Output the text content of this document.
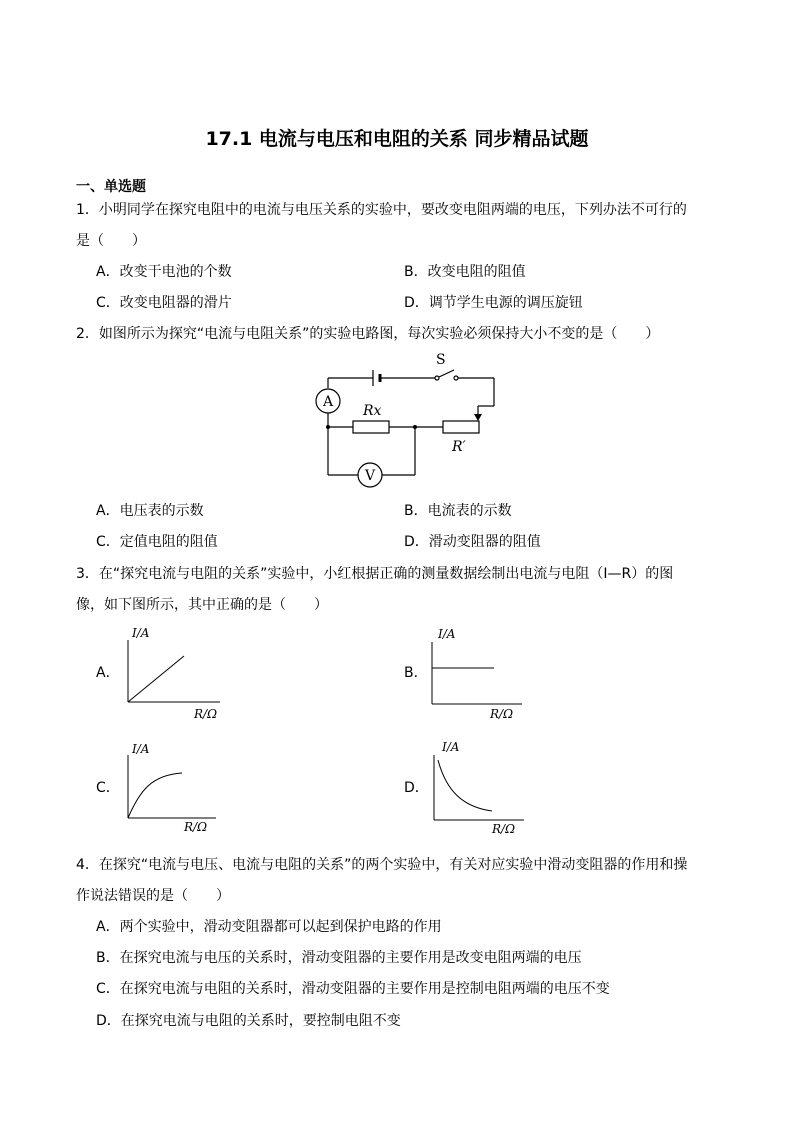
17.1 电流与电压和电阻的关系 同步精品试题
一、单选题
1．小明同学在探究电阻中的电流与电压关系的实验中，要改变电阻两端的电压，下列办法不可行的
是（　　）
A．改变干电池的个数	B．改变电阻的阻值
C．改变电阻器的滑片	D．调节学生电源的调压旋钮
2．如图所示为探究“电流与电阻关系”的实验电路图，每次实验必须保持大小不变的是（　　）
S
A
V
Rx
R′
A．电压表的示数	B．电流表的示数
C．定值电阻的阻值	D．滑动变阻器的阻值
3．在“探究电流与电阻的关系”实验中，小红根据正确的测量数据绘制出电流与电阻（I—R）的图
像，如下图所示，其中正确的是（　　）
A．
I/A
R/Ω
B．
I/A
R/Ω
C．
I/A
R/Ω
D．
I/A
R/Ω
4．在探究“电流与电压、电流与电阻的关系”的两个实验中，有关对应实验中滑动变阻器的作用和操
作说法错误的是（　　）
A．两个实验中，滑动变阻器都可以起到保护电路的作用
B．在探究电流与电压的关系时，滑动变阻器的主要作用是改变电阻两端的电压
C．在探究电流与电阻的关系时，滑动变阻器的主要作用是控制电阻两端的电压不变
D．在探究电流与电阻的关系时，要控制电阻不变
